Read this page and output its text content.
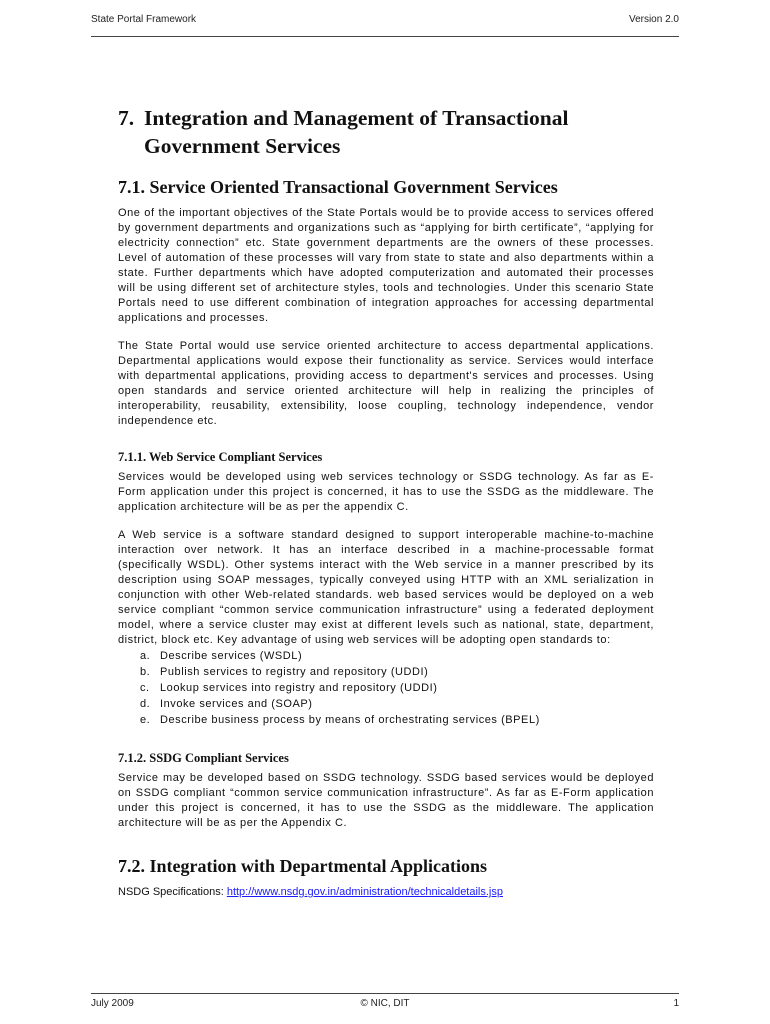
State Portal Framework	Version 2.0
7. Integration and Management of Transactional
Government Services
7.1. Service Oriented Transactional Government Services

One of the important objectives of the State Portals would be to provide access to services offered by government departments and organizations such as “applying for birth certificate”, “applying for electricity connection” etc. State government departments are the owners of these processes. Level of automation of these processes will vary from state to state and also departments within a state. Further departments which have adopted computerization and automated their processes will be using different set of architecture styles, tools and technologies. Under this scenario State Portals need to use different combination of integration approaches for accessing departmental applications and processes.

The State Portal would use service oriented architecture to access departmental applications. Departmental applications would expose their functionality as service. Services would interface with departmental applications, providing access to department's services and processes. Using open standards and service oriented architecture will help in realizing the principles of interoperability, reusability, extensibility, loose coupling, technology independence, vendor independence etc.

7.1.1. Web Service Compliant Services

Services would be developed using web services technology or SSDG technology. As far as E-Form application under this project is concerned, it has to use the SSDG as the middleware. The application architecture will be as per the appendix C.

A Web service is a software standard designed to support interoperable machine-to-machine interaction over network. It has an interface described in a machine-processable format (specifically WSDL). Other systems interact with the Web service in a manner prescribed by its description using SOAP messages, typically conveyed using HTTP with an XML serialization in conjunction with other Web-related standards. web based services would be deployed on a web service compliant “common service communication infrastructure” using a federated deployment model, where a service cluster may exist at different levels such as national, state, department, district, block etc. Key advantage of using web services will be adopting open standards to:

a. Describe services (WSDL)
b. Publish services to registry and repository (UDDI)
c. Lookup services into registry and repository (UDDI)
d. Invoke services and (SOAP)
e. Describe business process by means of orchestrating services (BPEL)
7.1.2. SSDG Compliant Services

Service may be developed based on SSDG technology. SSDG based services would be deployed on SSDG compliant “common service communication infrastructure”. As far as E-Form application under this project is concerned, it has to use the SSDG as the middleware. The application architecture will be as per the Appendix C.

7.2. Integration with Departmental Applications

NSDG Specifications: http://www.nsdg.gov.in/administration/technicaldetails.jsp

July 2009	© NIC, DIT	1
